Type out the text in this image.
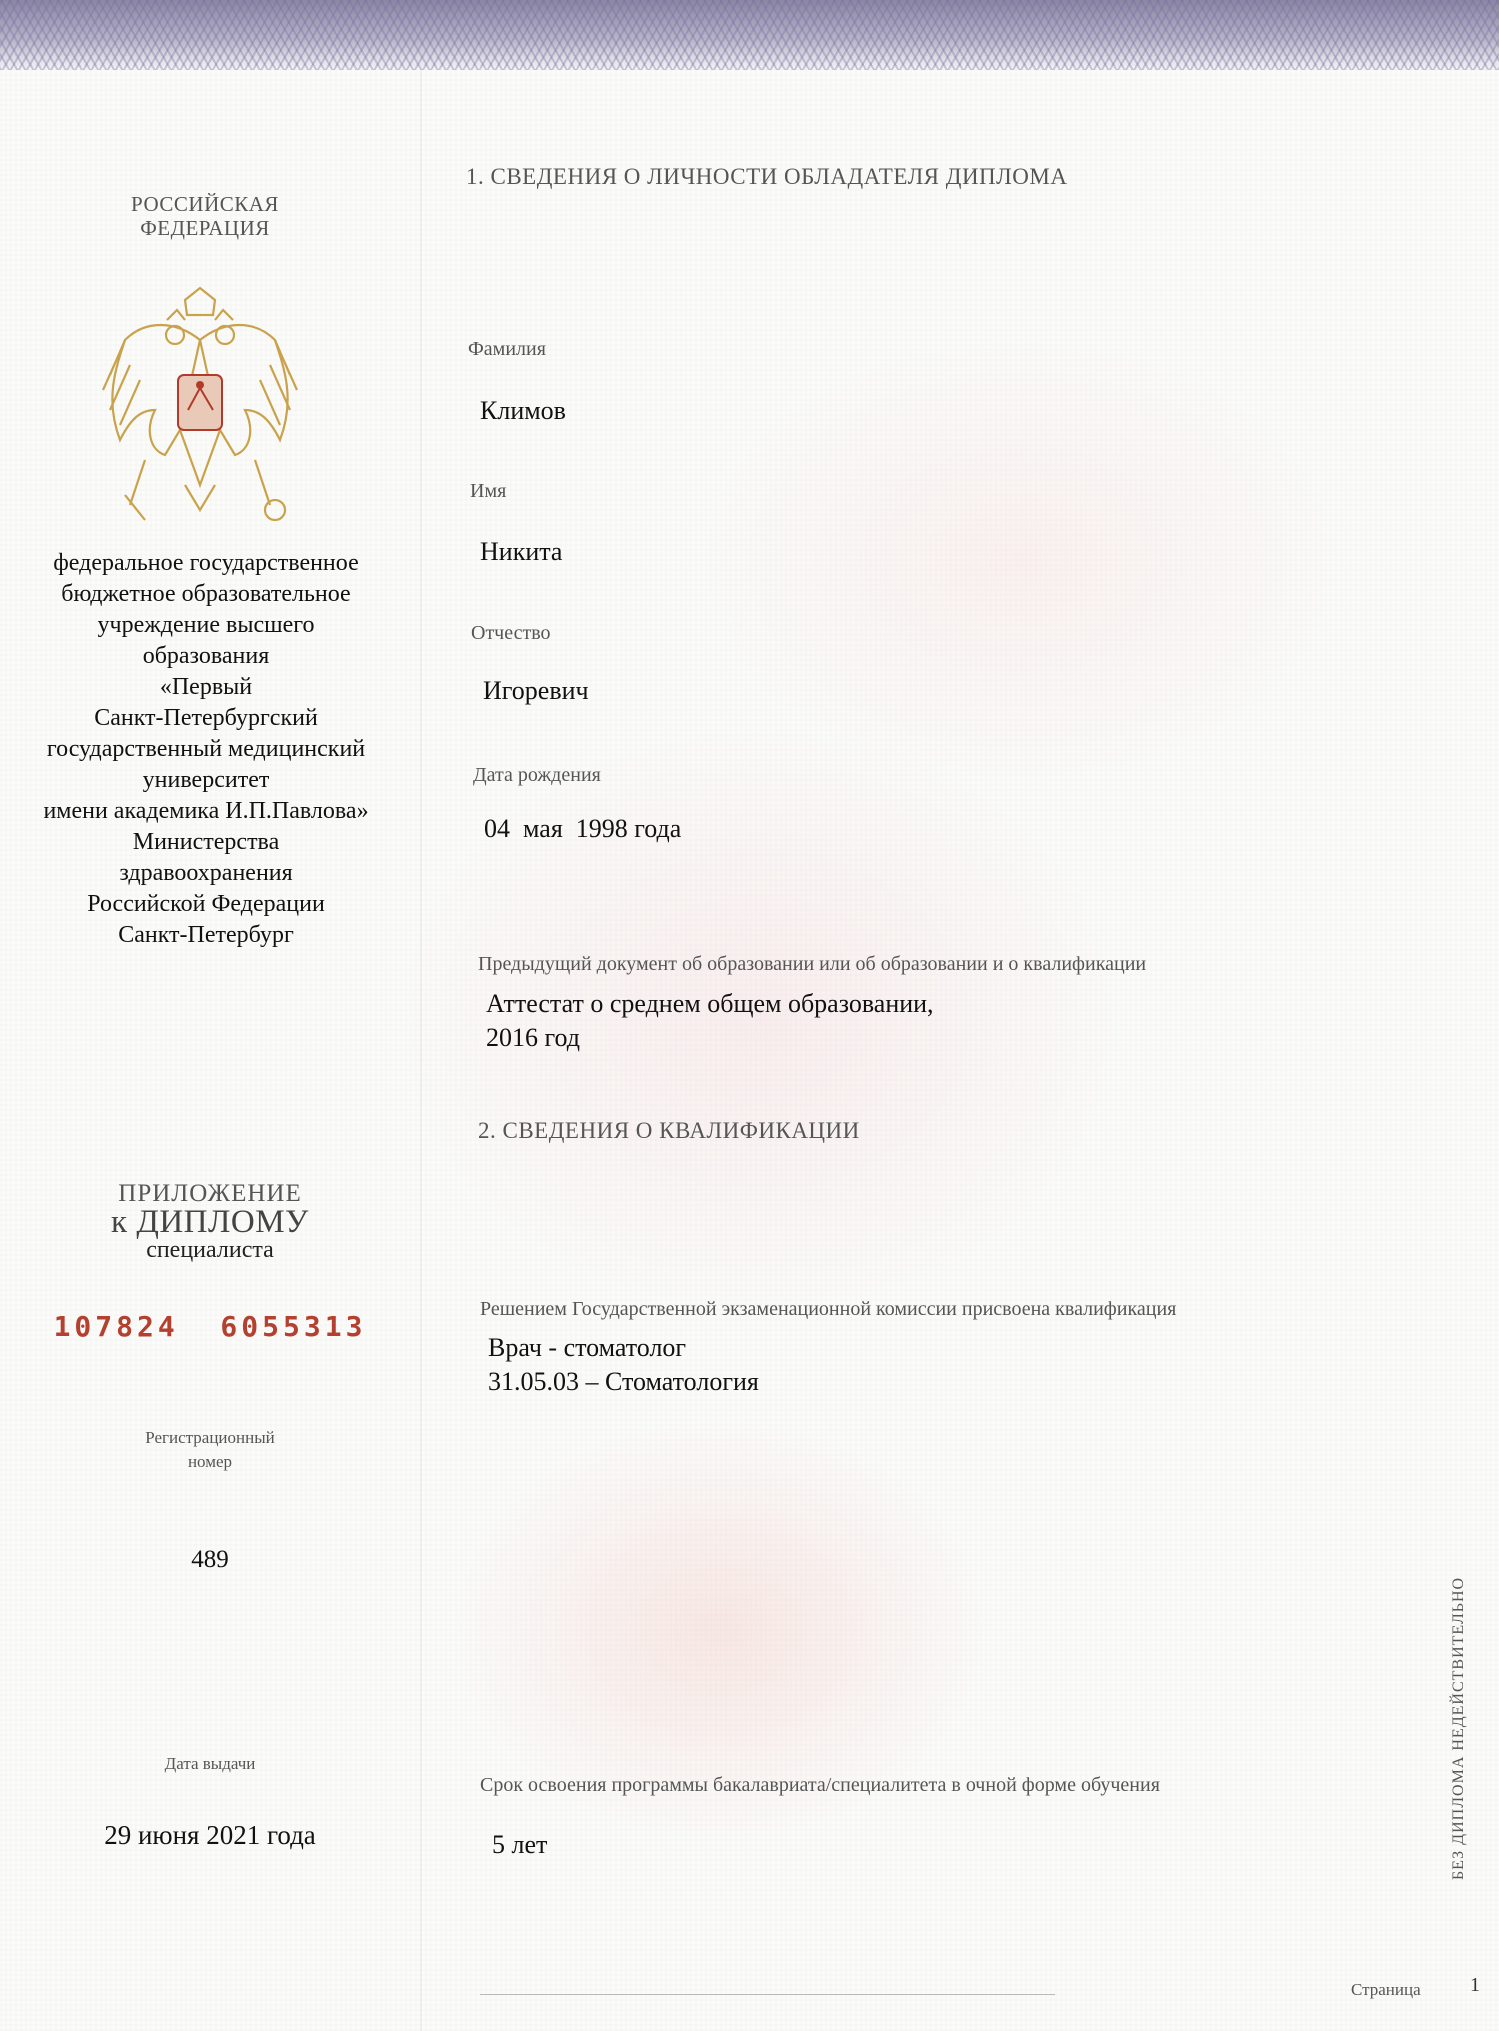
РОССИЙСКАЯ
ФЕДЕРАЦИЯ
федеральное государственное
бюджетное образовательное
учреждение высшего
образования
«Первый
Санкт-Петербургский
государственный медицинский
университет
имени академика И.П.Павлова»
Министерства
здравоохранения
Российской Федерации
Санкт-Петербург
ПРИЛОЖЕНИЕ
к ДИПЛОМУ
специалиста
107824  6055313
Регистрационный
номер
489
Дата выдачи
29 июня 2021 года
1. СВЕДЕНИЯ О ЛИЧНОСТИ ОБЛАДАТЕЛЯ ДИПЛОМА
Фамилия
Климов
Имя
Никита
Отчество
Игоревич
Дата рождения
04  мая  1998 года
Предыдущий документ об образовании или об образовании и о квалификации
Аттестат о среднем общем образовании,
2016 год
2. СВЕДЕНИЯ О КВАЛИФИКАЦИИ
Решением Государственной экзаменационной комиссии присвоена квалификация
Врач - стоматолог
31.05.03 – Стоматология
Срок освоения программы бакалавриата/специалитета в очной форме обучения
5 лет	БЕЗ ДИПЛОМА НЕДЕЙСТВИТЕЛЬНО
Страница 1
